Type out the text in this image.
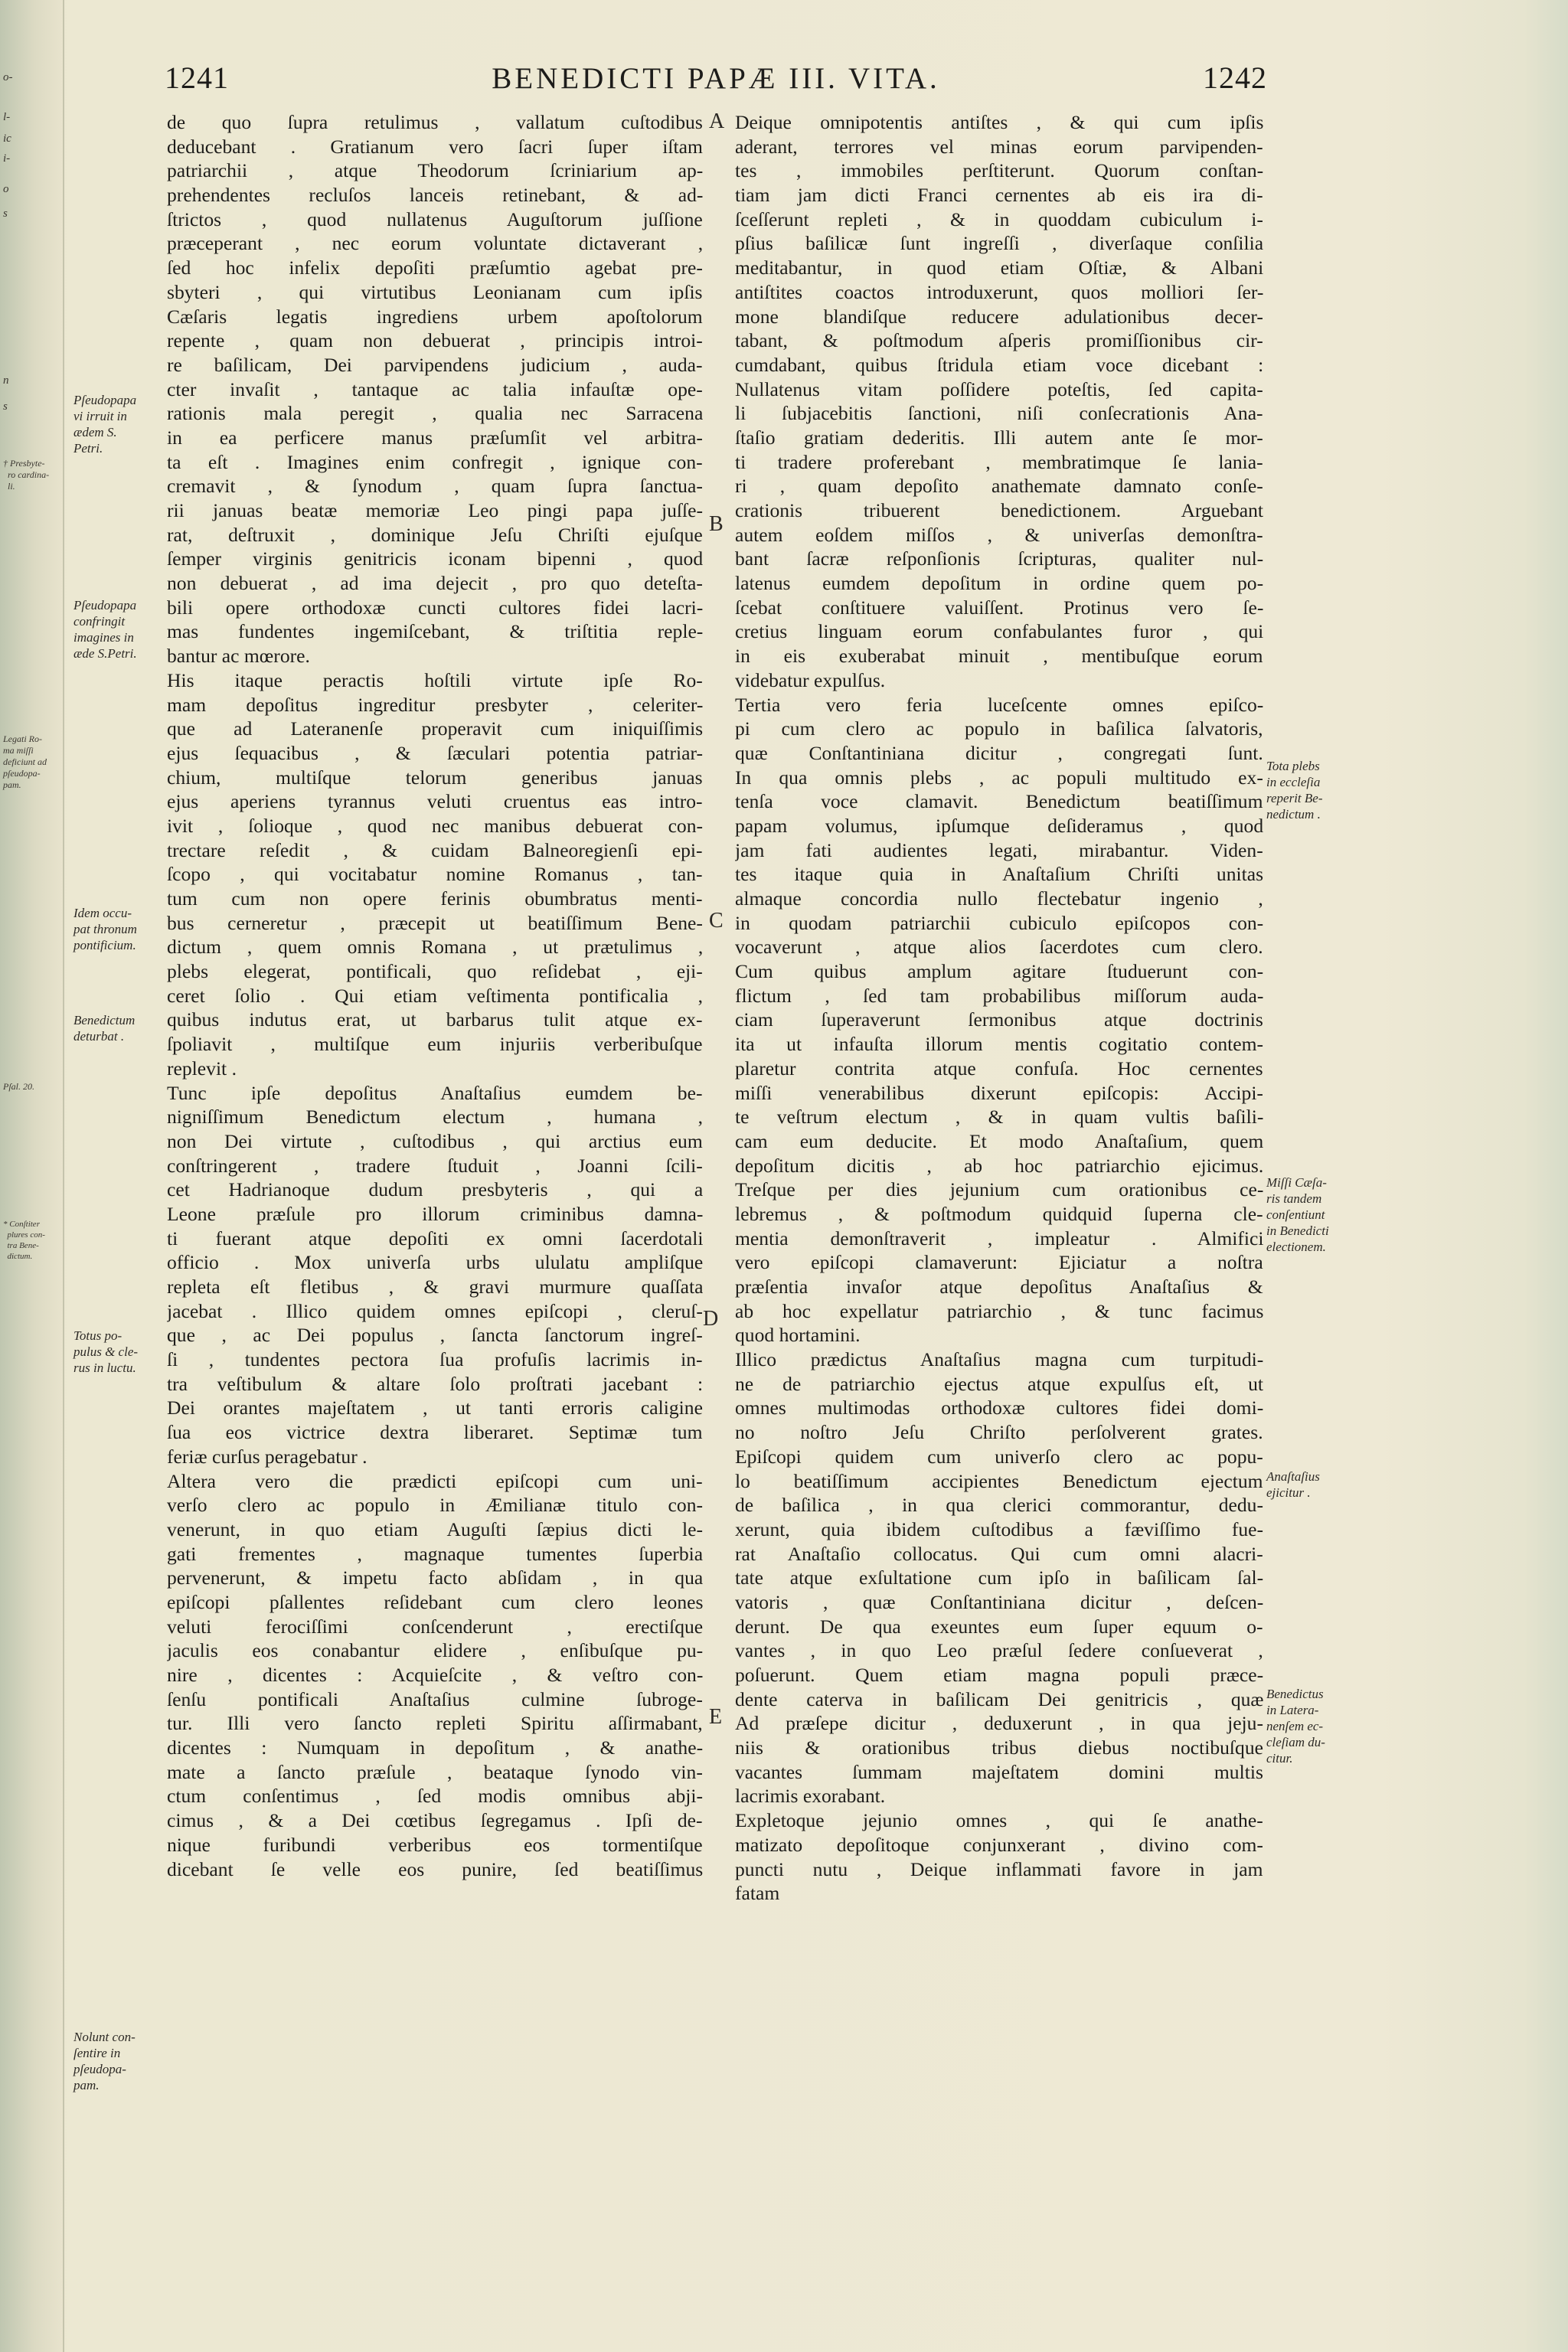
o-
l-
ic
i-
o
s
n
s
† Presbyte-
ro cardina-
li.
Legati Ro-
ma miſſi
deficiunt ad
pſeudopa-
pam.
Pſal. 20.
* Conſtiter
plures con-
tra Bene-
dictum.
1241	BENEDICTI PAPÆ III. VITA.	1242
de quo ſupra retulimus , vallatum cuſtodibus
deducebant . Gratianum vero ſacri ſuper iſtam
patriarchii , atque Theodorum ſcriniarium ap-
prehendentes recluſos lanceis retinebant, & ad-
ſtrictos , quod nullatenus Auguſtorum juſſione
præceperant , nec eorum voluntate dictaverant ,
ſed hoc infelix depoſiti præſumtio agebat pre-
sbyteri , qui virtutibus Leonianam cum ipſis
Cæſaris legatis ingrediens urbem apoſtolorum
repente , quam non debuerat , principis introi-
re baſilicam, Dei parvipendens judicium , auda-
cter invaſit , tantaque ac talia infauſtæ ope-
rationis mala peregit , qualia nec Sarracena
in ea perficere manus præſumſit vel arbitra-
ta eſt . Imagines enim confregit , ignique con-
cremavit , & ſynodum , quam ſupra ſanctua-
rii januas beatæ memoriæ Leo pingi papa juſſe-
rat, deſtruxit , dominique Jeſu Chriſti ejuſque
ſemper virginis genitricis iconam bipenni , quod
non debuerat , ad ima dejecit , pro quo deteſta-
bili opere orthodoxæ cuncti cultores fidei lacri-
mas fundentes ingemiſcebant, & triſtitia reple-
bantur ac mœrore.
His itaque peractis hoſtili virtute ipſe Ro-
mam depoſitus ingreditur presbyter , celeriter-
que ad Lateranenſe properavit cum iniquiſſimis
ejus ſequacibus , & ſæculari potentia patriar-
chium, multiſque telorum generibus januas
ejus aperiens tyrannus veluti cruentus eas intro-
ivit , ſolioque , quod nec manibus debuerat con-
trectare reſedit , & cuidam Balneoregienſi epi-
ſcopo , qui vocitabatur nomine Romanus , tan-
tum cum non opere ferinis obumbratus menti-
bus cerneretur , præcepit ut beatiſſimum Bene-
dictum , quem omnis Romana , ut prætulimus ,
plebs elegerat, pontificali, quo reſidebat , eji-
ceret ſolio . Qui etiam veſtimenta pontificalia ,
quibus indutus erat, ut barbarus tulit atque ex-
ſpoliavit , multiſque eum injuriis verberibuſque
replevit .
Tunc ipſe depoſitus Anaſtaſius eumdem be-
nigniſſimum Benedictum electum , humana ,
non Dei virtute , cuſtodibus , qui arctius eum
conſtringerent , tradere ſtuduit , Joanni ſcili-
cet Hadrianoque dudum presbyteris , qui a
Leone præſule pro illorum criminibus damna-
ti fuerant atque depoſiti ex omni ſacerdotali
officio . Mox univerſa urbs ululatu ampliſque
repleta eſt fletibus , & gravi murmure quaſſata
jacebat . Illico quidem omnes epiſcopi , cleruſ-
que , ac Dei populus , ſancta ſanctorum ingreſ-
ſi , tundentes pectora ſua profuſis lacrimis in-
tra veſtibulum & altare ſolo proſtrati jacebant :
Dei orantes majeſtatem , ut tanti erroris caligine
ſua eos victrice dextra liberaret. Septimæ tum
feriæ curſus peragebatur .
Altera vero die prædicti epiſcopi cum uni-
verſo clero ac populo in Æmilianæ titulo con-
venerunt, in quo etiam Auguſti ſæpius dicti le-
gati frementes , magnaque tumentes ſuperbia
pervenerunt, & impetu facto abſidam , in qua
epiſcopi pſallentes reſidebant cum clero leones
veluti ferociſſimi conſcenderunt , erectiſque
jaculis eos conabantur elidere , enſibuſque pu-
nire , dicentes : Acquieſcite , & veſtro con-
ſenſu pontificali Anaſtaſius culmine ſubroge-
tur. Illi vero ſancto repleti Spiritu aſſirmabant,
dicentes : Numquam in depoſitum , & anathe-
mate a ſancto præſule , beataque ſynodo vin-
ctum conſentimus , ſed modis omnibus abji-
cimus , & a Dei cœtibus ſegregamus . Ipſi de-
nique furibundi verberibus eos tormentiſque
dicebant ſe velle eos punire, ſed beatiſſimus
Deique omnipotentis antiſtes , & qui cum ipſis
aderant, terrores vel minas eorum parvipenden-
tes , immobiles perſtiterunt. Quorum conſtan-
tiam jam dicti Franci cernentes ab eis ira di-
ſceſſerunt repleti , & in quoddam cubiculum i-
pſius baſilicæ ſunt ingreſſi , diverſaque conſilia
meditabantur, in quod etiam Oſtiæ, & Albani
antiſtites coactos introduxerunt, quos molliori ſer-
mone blandiſque reducere adulationibus decer-
tabant, & poſtmodum aſperis promiſſionibus cir-
cumdabant, quibus ſtridula etiam voce dicebant :
Nullatenus vitam poſſidere poteſtis, ſed capita-
li ſubjacebitis ſanctioni, niſi conſecrationis Ana-
ſtaſio gratiam dederitis. Illi autem ante ſe mor-
ti tradere proferebant , membratimque ſe lania-
ri , quam depoſito anathemate damnato conſe-
crationis tribuerent benedictionem. Arguebant
autem eoſdem miſſos , & univerſas demonſtra-
bant ſacræ reſponſionis ſcripturas, qualiter nul-
latenus eumdem depoſitum in ordine quem po-
ſcebat conſtituere valuiſſent. Protinus vero ſe-
cretius linguam eorum confabulantes furor , qui
in eis exuberabat minuit , mentibuſque eorum
videbatur expulſus.
Tertia vero feria luceſcente omnes epiſco-
pi cum clero ac populo in baſilica ſalvatoris,
quæ Conſtantiniana dicitur , congregati ſunt.
In qua omnis plebs , ac populi multitudo ex-
tenſa voce clamavit. Benedictum beatiſſimum
papam volumus, ipſumque deſideramus , quod
jam fati audientes legati, mirabantur. Viden-
tes itaque quia in Anaſtaſium Chriſti unitas
almaque concordia nullo flectebatur ingenio ,
in quodam patriarchii cubiculo epiſcopos con-
vocaverunt , atque alios ſacerdotes cum clero.
Cum quibus amplum agitare ſtuduerunt con-
flictum , ſed tam probabilibus miſſorum auda-
ciam ſuperaverunt ſermonibus atque doctrinis
ita ut infauſta illorum mentis cogitatio contem-
plaretur contrita atque confuſa. Hoc cernentes
miſſi venerabilibus dixerunt epiſcopis: Accipi-
te veſtrum electum , & in quam vultis baſili-
cam eum deducite. Et modo Anaſtaſium, quem
depoſitum dicitis , ab hoc patriarchio ejicimus.
Treſque per dies jejunium cum orationibus ce-
lebremus , & poſtmodum quidquid ſuperna cle-
mentia demonſtraverit , impleatur . Almifici
vero epiſcopi clamaverunt: Ejiciatur a noſtra
præſentia invaſor atque depoſitus Anaſtaſius &
ab hoc expellatur patriarchio , & tunc facimus
quod hortamini.
Illico prædictus Anaſtaſius magna cum turpitudi-
ne de patriarchio ejectus atque expulſus eſt, ut
omnes multimodas orthodoxæ cultores fidei domi-
no noſtro Jeſu Chriſto perſolverent grates.
Epiſcopi quidem cum univerſo clero ac popu-
lo beatiſſimum accipientes Benedictum ejectum
de baſilica , in qua clerici commorantur, dedu-
xerunt, quia ibidem cuſtodibus a fæviſſimo fue-
rat Anaſtaſio collocatus. Qui cum omni alacri-
tate atque exſultatione cum ipſo in baſilicam ſal-
vatoris , quæ Conſtantiniana dicitur , deſcen-
derunt. De qua exeuntes eum ſuper equum o-
vantes , in quo Leo præſul ſedere conſueverat ,
poſuerunt. Quem etiam magna populi præce-
dente caterva in baſilicam Dei genitricis , quæ
Ad præſepe dicitur , deduxerunt , in qua jeju-
niis & orationibus tribus diebus noctibuſque
vacantes ſummam majeſtatem domini multis
lacrimis exorabant.
Expletoque jejunio omnes , qui ſe anathe-
matizato depoſitoque conjunxerant , divino com-
puncti nutu , Deique inflammati favore in jam
fatam
Pſeudopapa
vi irruit in
ædem S.
Petri.
Pſeudopapa
confringit
imagines in
æde S.Petri.
Idem occu-
pat thronum
pontificium.
Benedictum
deturbat .
Totus po-
pulus & cle-
rus in luctu.
Nolunt con-
ſentire in
pſeudopa-
pam.
Tota plebs
in eccleſia
reperit Be-
nedictum .
Miſſi Cæſa-
ris tandem
conſentiunt
in Benedicti
electionem.
Anaſtaſius
ejicitur .
Benedictus
in Latera-
nenſem ec-
cleſiam du-
citur.
A
B
C
D
E
